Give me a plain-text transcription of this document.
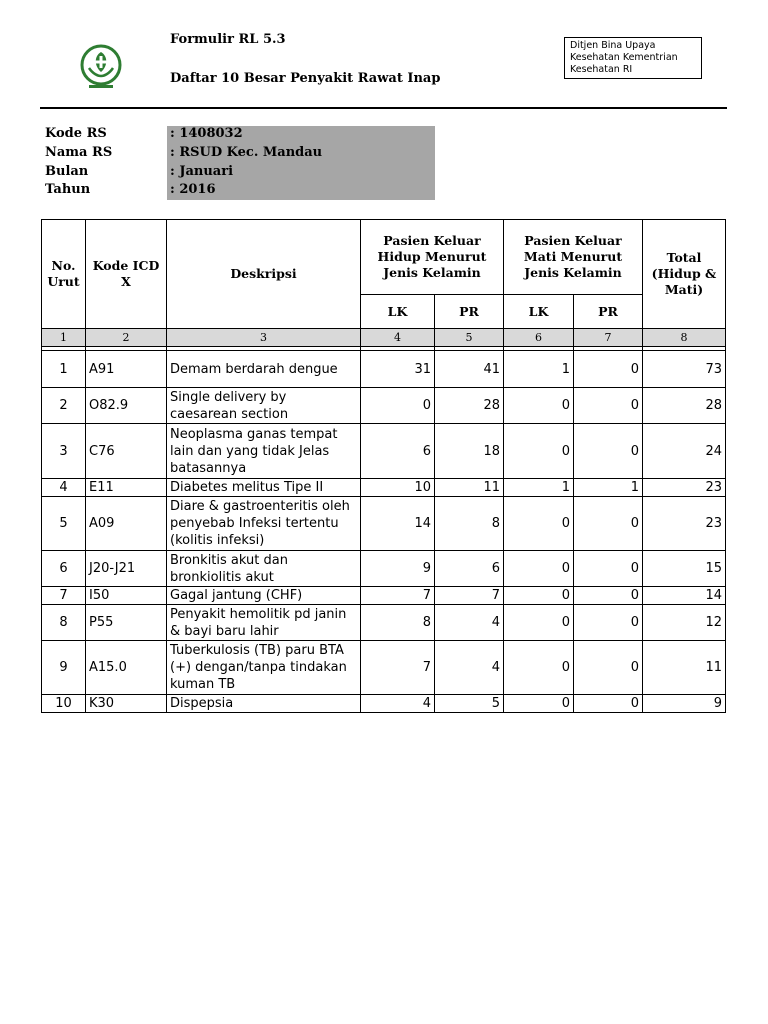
Formulir RL 5.3
Daftar 10 Besar Penyakit Rawat Inap
Ditjen Bina Upaya Kesehatan Kementrian Kesehatan RI
Kode RS	: 1408032
Nama RS	: RSUD Kec. Mandau
Bulan	: Januari
Tahun	: 2016
No. Urut	Kode ICD X	Deskripsi	Pasien Keluar Hidup Menurut Jenis Kelamin		Pasien Keluar Mati Menurut Jenis Kelamin		Total (Hidup & Mati)
			LK	PR	LK	PR	
1	2	3	4	5	6	7	8

1	A91	Demam berdarah dengue	31	41	1	0	73
2	O82.9	Single delivery by caesarean section	0	28	0	0	28
3	C76	Neoplasma ganas tempat lain dan yang tidak Jelas batasannya	6	18	0	0	24
4	E11	Diabetes melitus Tipe II	10	11	1	1	23
5	A09	Diare & gastroenteritis oleh penyebab Infeksi tertentu (kolitis infeksi)	14	8	0	0	23
6	J20-J21	Bronkitis akut dan bronkiolitis akut	9	6	0	0	15
7	I50	Gagal jantung (CHF)	7	7	0	0	14
8	P55	Penyakit hemolitik pd janin & bayi baru lahir	8	4	0	0	12
9	A15.0	Tuberkulosis (TB) paru BTA (+) dengan/tanpa tindakan kuman TB	7	4	0	0	11
10	K30	Dispepsia	4	5	0	0	9
